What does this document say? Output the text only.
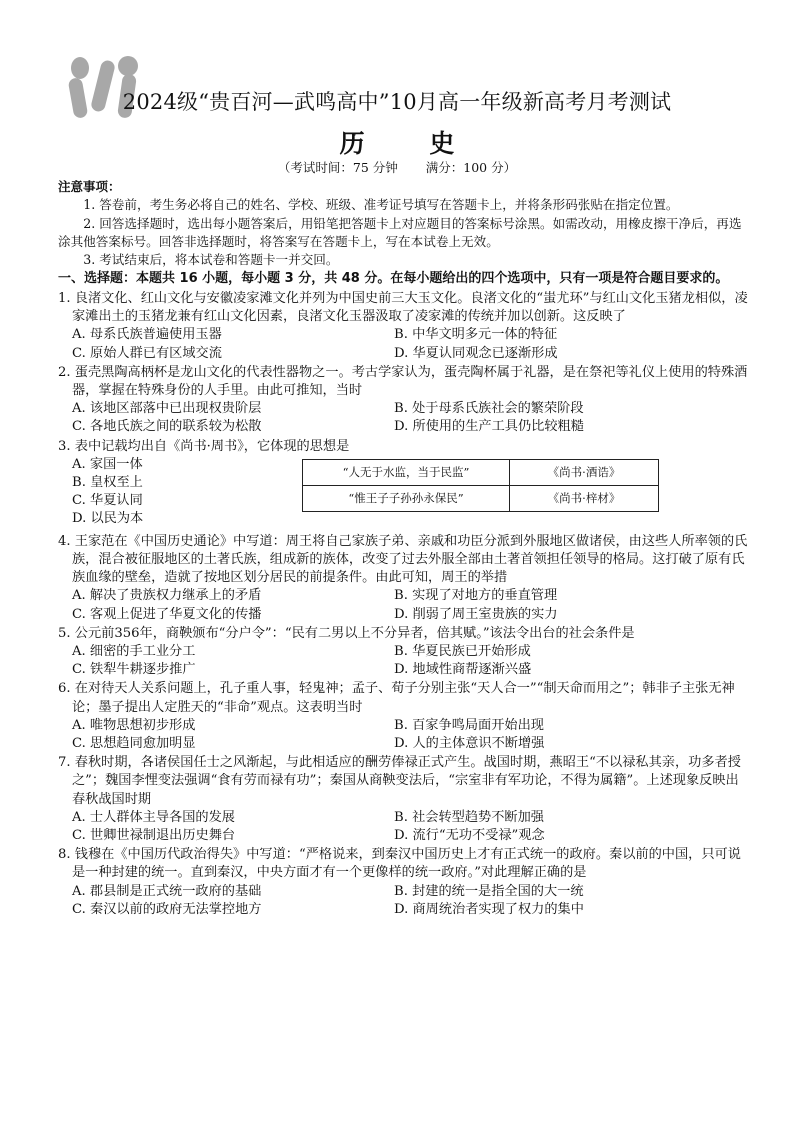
2024级“贵百河—武鸣高中”10月高一年级新高考月考测试
历 史
（考试时间：75 分钟 满分：100 分）
注意事项：
1. 答卷前，考生务必将自己的姓名、学校、班级、准考证号填写在答题卡上，并将条形码张贴在指定位置。
2. 回答选择题时，选出每小题答案后，用铅笔把答题卡上对应题目的答案标号涂黑。如需改动，用橡皮擦干净后，再选涂其他答案标号。回答非选择题时，将答案写在答题卡上，写在本试卷上无效。
3. 考试结束后，将本试卷和答题卡一并交回。
一、选择题：本题共 16 小题，每小题 3 分，共 48 分。在每小题给出的四个选项中，只有一项是符合题目要求的。
1. 良渚文化、红山文化与安徽凌家滩文化并列为中国史前三大玉文化。良渚文化的“蚩尤环”与红山文化玉猪龙相似，凌家滩出土的玉猪龙兼有红山文化因素，良渚文化玉器汲取了凌家滩的传统并加以创新。这反映了
A. 母系氏族普遍使用玉器	B. 中华文明多元一体的特征
C. 原始人群已有区域交流	D. 华夏认同观念已逐渐形成
2. 蛋壳黑陶高柄杯是龙山文化的代表性器物之一。考古学家认为，蛋壳陶杯属于礼器，是在祭祀等礼仪上使用的特殊酒器，掌握在特殊身份的人手里。由此可推知，当时
A. 该地区部落中已出现权贵阶层	B. 处于母系氏族社会的繁荣阶段
C. 各地氏族之间的联系较为松散	D. 所使用的生产工具仍比较粗糙
3. 表中记载均出自《尚书·周书》，它体现的思想是
A. 家国一体
B. 皇权至上
C. 华夏认同
D. 以民为本
“人无于水监，当于民监”	《尚书·酒诰》
“惟王子子孙孙永保民”	《尚书·梓材》
4. 王家范在《中国历史通论》中写道：周王将自己家族子弟、亲戚和功臣分派到外服地区做诸侯，由这些人所率领的氏族，混合被征服地区的土著氏族，组成新的族体，改变了过去外服全部由土著首领担任领导的格局。这打破了原有氏族血缘的壁垒，造就了按地区划分居民的前提条件。由此可知，周王的举措
A. 解决了贵族权力继承上的矛盾	B. 实现了对地方的垂直管理
C. 客观上促进了华夏文化的传播	D. 削弱了周王室贵族的实力
5. 公元前356年，商鞅颁布“分户令”：“民有二男以上不分异者，倍其赋。”该法令出台的社会条件是
A. 细密的手工业分工	B. 华夏民族已开始形成
C. 铁犁牛耕逐步推广	D. 地域性商帮逐渐兴盛
6. 在对待天人关系问题上，孔子重人事，轻鬼神；孟子、荀子分别主张“天人合一”“制天命而用之”；韩非子主张无神论；墨子提出人定胜天的“非命”观点。这表明当时
A. 唯物思想初步形成	B. 百家争鸣局面开始出现
C. 思想趋同愈加明显	D. 人的主体意识不断增强
7. 春秋时期，各诸侯国任士之风渐起，与此相适应的酬劳俸禄正式产生。战国时期，燕昭王“不以禄私其亲，功多者授之”；魏国李悝变法强调“食有劳而禄有功”；秦国从商鞅变法后，“宗室非有军功论，不得为属籍”。上述现象反映出春秋战国时期
A. 士人群体主导各国的发展	B. 社会转型趋势不断加强
C. 世卿世禄制退出历史舞台	D. 流行“无功不受禄”观念
8. 钱穆在《中国历代政治得失》中写道：“严格说来，到秦汉中国历史上才有正式统一的政府。秦以前的中国，只可说是一种封建的统一。直到秦汉，中央方面才有一个更像样的统一政府。”对此理解正确的是
A. 郡县制是正式统一政府的基础	B. 封建的统一是指全国的大一统
C. 秦汉以前的政府无法掌控地方	D. 商周统治者实现了权力的集中
